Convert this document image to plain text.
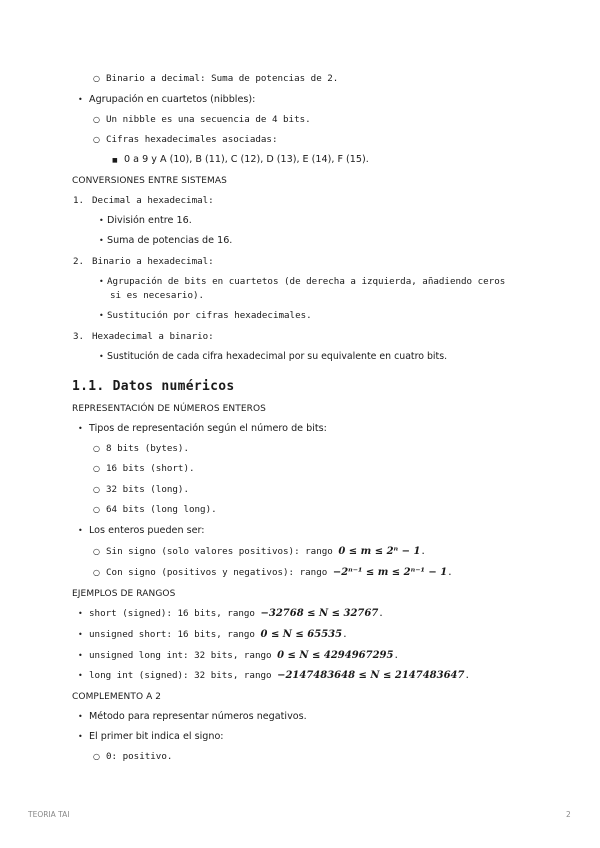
○ Binario a decimal: Suma de potencias de 2.
• Agrupación en cuartetos (nibbles):
○ Un nibble es una secuencia de 4 bits.
○ Cifras hexadecimales asociadas:
■ 0 a 9 y A (10), B (11), C (12), D (13), E (14), F (15).
CONVERSIONES ENTRE SISTEMAS
1. Decimal a hexadecimal:
• División entre 16.
• Suma de potencias de 16.
2. Binario a hexadecimal:
• Agrupación de bits en cuartetos (de derecha a izquierda, añadiendo ceros
si es necesario).
• Sustitución por cifras hexadecimales.
3. Hexadecimal a binario:
• Sustitución de cada cifra hexadecimal por su equivalente en cuatro bits.
1.1. Datos numéricos
REPRESENTACIÓN DE NÚMEROS ENTEROS
• Tipos de representación según el número de bits:
○ 8 bits (bytes).
○ 16 bits (short).
○ 32 bits (long).
○ 64 bits (long long).
• Los enteros pueden ser:
○ Sin signo (solo valores positivos): rango 0 ≤ m ≤ 2ⁿ − 1.
○ Con signo (positivos y negativos): rango −2ⁿ⁻¹ ≤ m ≤ 2ⁿ⁻¹ − 1.
EJEMPLOS DE RANGOS
• short (signed): 16 bits, rango −32768 ≤ N ≤ 32767.
• unsigned short: 16 bits, rango 0 ≤ N ≤ 65535.
• unsigned long int: 32 bits, rango 0 ≤ N ≤ 4294967295.
• long int (signed): 32 bits, rango −2147483648 ≤ N ≤ 2147483647.
COMPLEMENTO A 2
• Método para representar números negativos.
• El primer bit indica el signo:
○ 0: positivo.
TEORIA TAI	2
